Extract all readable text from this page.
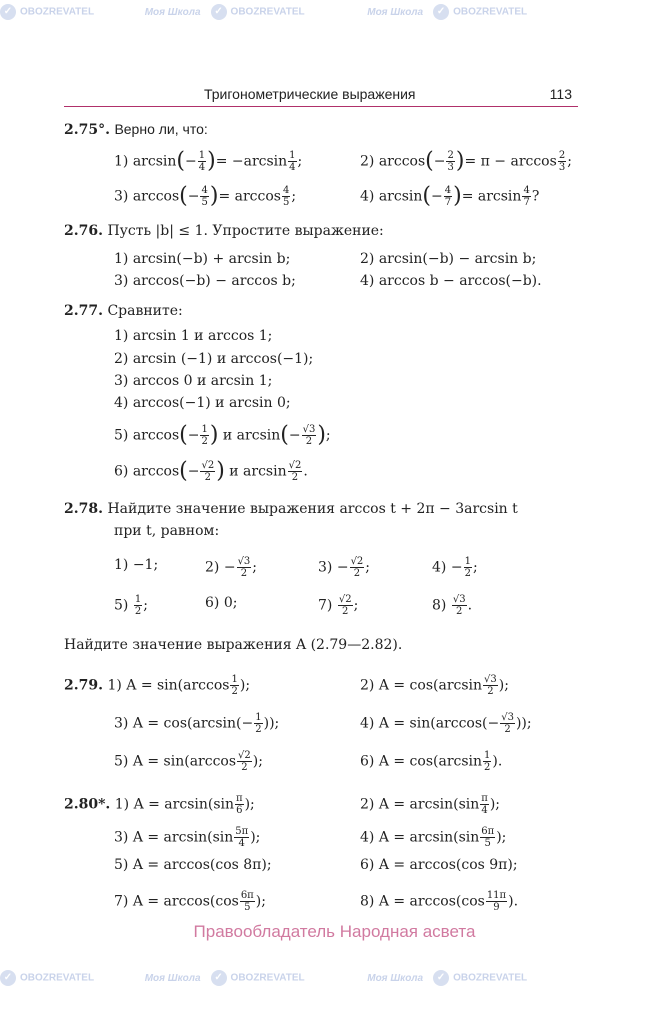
✓ OBOZREVATEL	Моя Школа ✓ OBOZREVATEL	Моя Школа ✓ OBOZREVATEL
✓ OBOZREVATEL	Моя Школа ✓ OBOZREVATEL	Моя Школа ✓ OBOZREVATEL
Тригонометрические выражения	113
2.75°. Верно ли, что:
1) $\arcsin(- \frac{1}{4}$ )= $-\arcsin \frac{1}{4}$ ;	2) $\arccos(- \frac{2}{3}$ )= $\pi - \arccos \frac{2}{3}$ ;
3) $\arccos(- \frac{4}{5}$ )= $\arccos \frac{4}{5}$ ;	4) $\arcsin(- \frac{4}{7}$ )= $\arcsin \frac{4}{7}$ ?
2.76. Пусть |b| ≤ 1. Упростите выражение:
1) arcsin(−b) + arcsin b;	2) arcsin(−b) − arcsin b;
3) arccos(−b) − arccos b;	4) arccos b − arccos(−b).
2.77. Сравните:
1) arcsin 1 и arccos 1;
2) arcsin (−1) и arccos(−1);
3) arccos 0 и arcsin 1;
4) arccos(−1) и arcsin 0;
5) $\arccos(- \frac{1}{2}$ ) и $\arcsin(- \frac{√3}{2}$ );
6) $\arccos(- \frac{√2}{2}$ ) и $\arcsin \frac{√2}{2}$ .
2.78. Найдите значение выражения arccos t + 2π − 3arcsin t
при t, равном:
1) −1;	$2) - \frac{√3}{2}$ ;	$3) - \frac{√2}{2}$ ;	$4) - \frac{1}{2}$ ;
$5) \frac{1}{2}$ ;	6) 0;	$7) \frac{√2}{2}$ ;	$8) \frac{√3}{2}$ .
Найдите значение выражения A (2.79—2.82).
2.79. 1) $A = \sin(\arccos \frac{1}{2}$ );	2) $A = \cos(\arcsin \frac{√3}{2}$ );
3) $A = \cos(\arcsin(- \frac{1}{2}$ ));	4) $A = \sin(\arccos(- \frac{√3}{2}$ ));
5) $A = \sin(\arccos \frac{√2}{2}$ );	6) $A = \cos(\arcsin \frac{1}{2}$ ).
2.80*. 1) $A = \arcsin(\sin \frac{\pi}{6}$ );	2) $A = \arcsin(\sin \frac{\pi}{4}$ );
3) $A = \arcsin(\sin \frac{5\pi}{4}$ );	4) $A = \arcsin(\sin \frac{6\pi}{5}$ );
5) A = arccos(cos 8π);	6) A = arccos(cos 9π);
7) $A = \arccos(\cos \frac{6\pi}{5}$ );	8) $A = \arccos(\cos \frac{11\pi}{9}$ ).
Правообладатель Народная асвета
